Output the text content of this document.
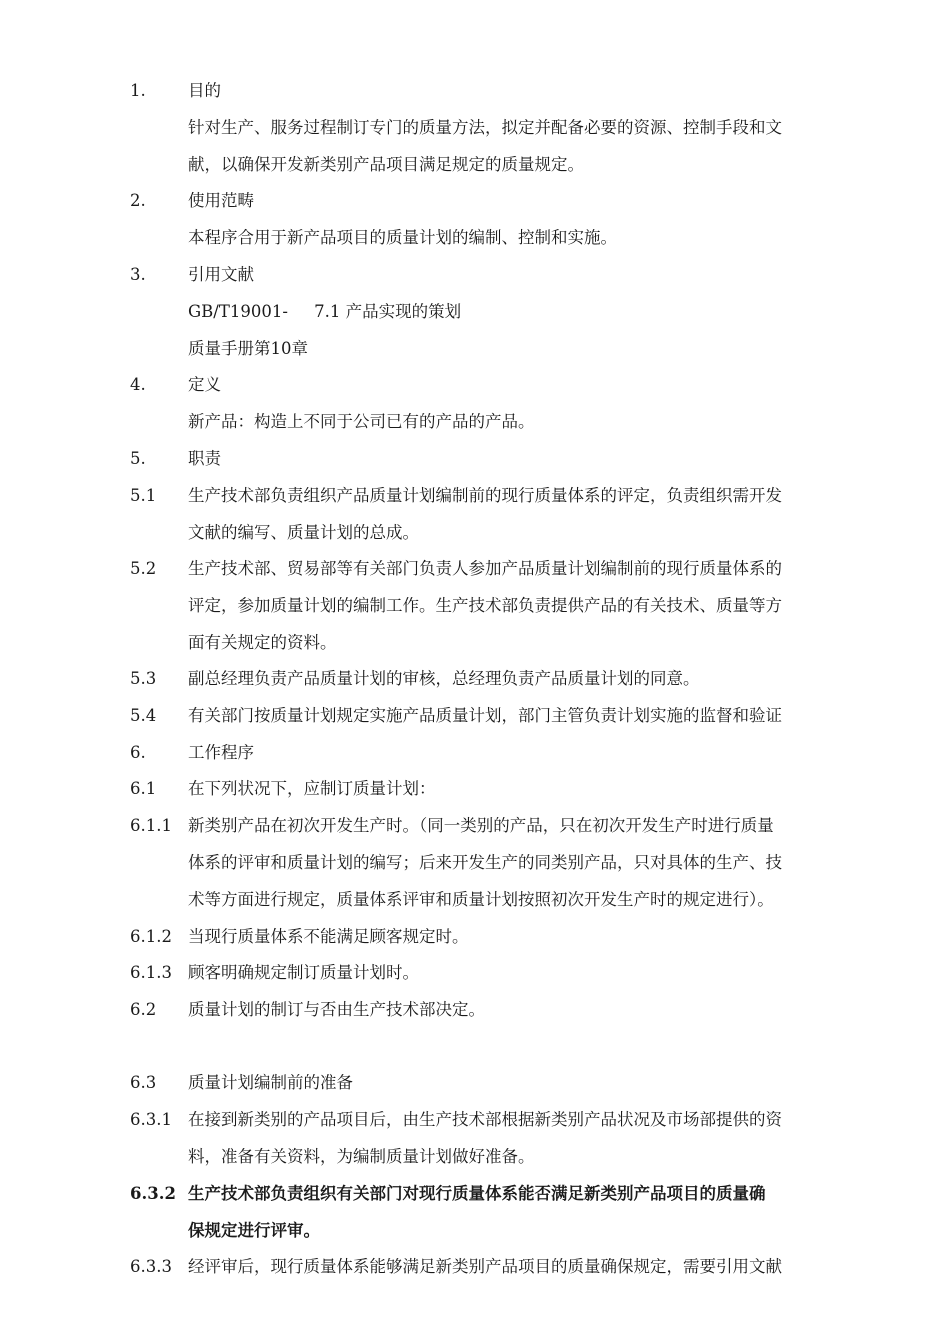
1.	目的

针对生产、服务过程制订专门的质量方法，拟定并配备必要的资源、控制手段和文

献，以确保开发新类别产品项目满足规定的质量规定。

2.	使用范畴

本程序合用于新产品项目的质量计划的编制、控制和实施。

3.	引用文献

GB/T19001-     7.1 产品实现的策划

质量手册第10章

4.	定义

新产品：构造上不同于公司已有的产品的产品。

5.	职责

5.1	生产技术部负责组织产品质量计划编制前的现行质量体系的评定，负责组织需开发

文献的编写、质量计划的总成。

5.2	生产技术部、贸易部等有关部门负责人参加产品质量计划编制前的现行质量体系的

评定，参加质量计划的编制工作。生产技术部负责提供产品的有关技术、质量等方

面有关规定的资料。

5.3	副总经理负责产品质量计划的审核，总经理负责产品质量计划的同意。

5.4	有关部门按质量计划规定实施产品质量计划，部门主管负责计划实施的监督和验证

6.	工作程序

6.1	在下列状况下，应制订质量计划：

6.1.1 新类别产品在初次开发生产时。（同一类别的产品，只在初次开发生产时进行质量

体系的评审和质量计划的编写；后来开发生产的同类别产品，只对具体的生产、技

术等方面进行规定，质量体系评审和质量计划按照初次开发生产时的规定进行）。

6.1.2 当现行质量体系不能满足顾客规定时。

6.1.3 顾客明确规定制订质量计划时。

6.2	质量计划的制订与否由生产技术部决定。

6.3	质量计划编制前的准备

6.3.1 在接到新类别的产品项目后，由生产技术部根据新类别产品状况及市场部提供的资

料，准备有关资料，为编制质量计划做好准备。

6.3.2 生产技术部负责组织有关部门对现行质量体系能否满足新类别产品项目的质量确

保规定进行评审。

6.3.3 经评审后，现行质量体系能够满足新类别产品项目的质量确保规定，需要引用文献
